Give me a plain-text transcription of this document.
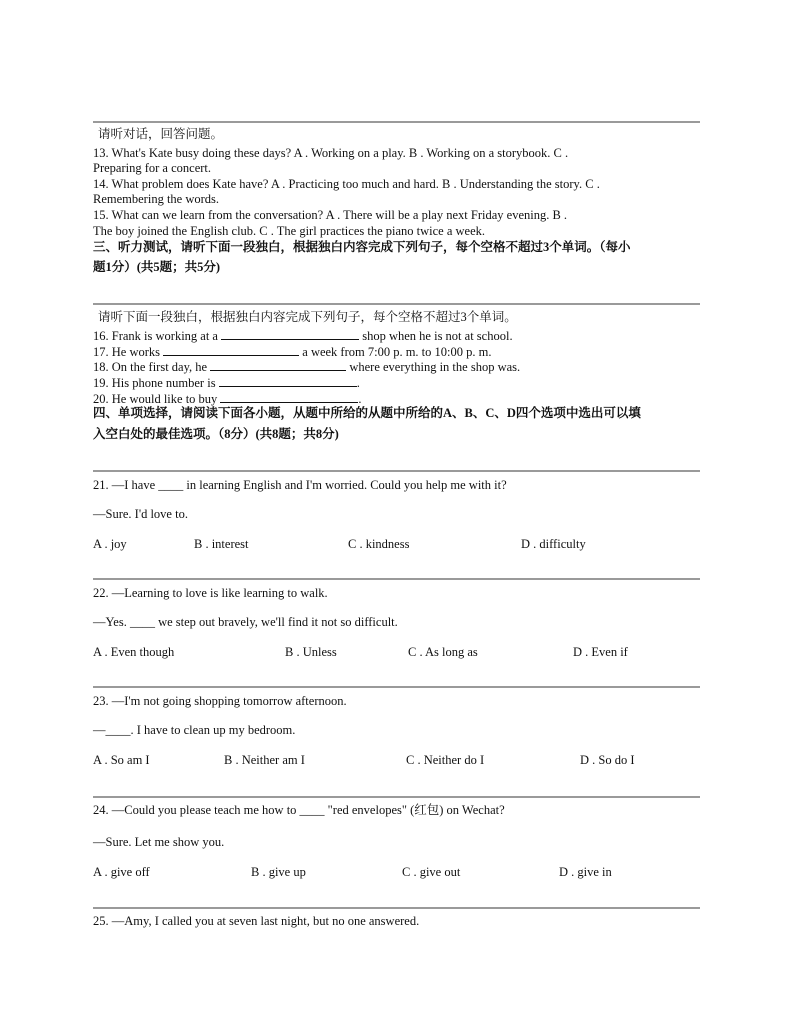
请听对话，回答问题。
13. What's Kate busy doing these days? A . Working on a play. B . Working on a storybook. C .
Preparing for a concert.
14. What problem does Kate have? A . Practicing too much and hard. B . Understanding the story. C .
Remembering the words.
15. What can we learn from the conversation? A . There will be a play next Friday evening. B .
The boy joined the English club. C . The girl practices the piano twice a week.
三、听力测试，请听下面一段独白，根据独白内容完成下列句子，每个空格不超过3个单词。（每小
题1分）(共5题；共5分)
请听下面一段独白，根据独白内容完成下列句子，每个空格不超过3个单词。
16. Frank is working at a	shop when he is not at school.
17. He works	a week from 7:00 p. m. to 10:00 p. m.
18. On the first day, he	where everything in the shop was.
19. His phone number is	.
20. He would like to buy	.
四、单项选择，请阅读下面各小题，从题中所给的从题中所给的A、B、C、D四个选项中选出可以填
入空白处的最佳选项。（8分）(共8题；共8分)
21. —I have ____ in learning English and I'm worried. Could you help me with it?
—Sure. I'd love to.
A . joy	B . interest	C . kindness	D . difficulty
22. —Learning to love is like learning to walk.
—Yes. ____ we step out bravely, we'll find it not so difficult.
A . Even though	B . Unless	C . As long as	D . Even if
23. —I'm not going shopping tomorrow afternoon.
—____. I have to clean up my bedroom.
A . So am I	B . Neither am I	C . Neither do I	D . So do I
24. —Could you please teach me how to ____ "red envelopes" (红包) on Wechat?
—Sure. Let me show you.
A . give off	B . give up	C . give out	D . give in
25. —Amy, I called you at seven last night, but no one answered.
